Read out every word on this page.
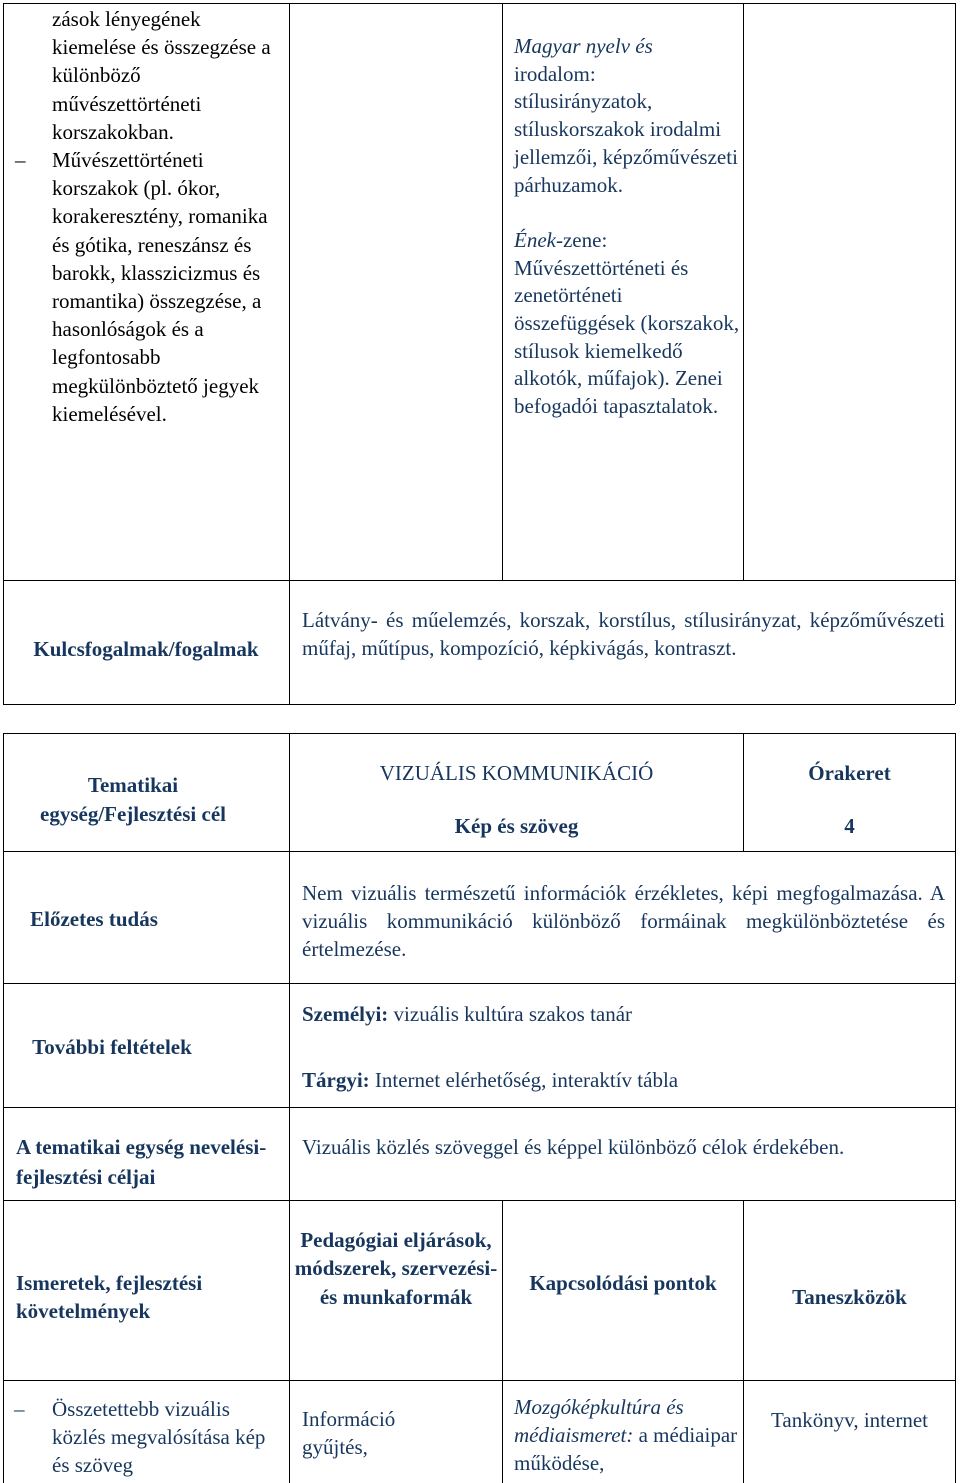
zások lényegének kiemelése és összegzése a különböző művészettörténeti korszakokban.

– Művészettörténeti korszakok (pl. ókor, korakeresztény, romanika és gótika, reneszánsz és barokk, klasszicizmus és romantika) összegzése, a hasonlóságok és a legfontosabb megkülönböztető jegyek kiemelésével.

Magyar nyelv és
irodalom:
stílusirányzatok, stíluskorszakok irodalmi jellemzői, képzőművészeti párhuzamok.

Ének-zene:
Művészettörténeti és zenetörténeti összefüggések (korszakok, stílusok kiemelkedő alkotók, műfajok). Zenei befogadói tapasztalatok.

Kulcsfogalmak/fogalmak
Látvány- és műelemzés, korszak, korstílus, stílusirányzat, képzőművészeti műfaj, műtípus, kompozíció, képkivágás, kontraszt.
Tematikai egység/Fejlesztési cél
VIZUÁLIS KOMMUNIKÁCIÓ
Kép és szöveg
Órakeret
4
Előzetes tudás
Nem vizuális természetű információk érzékletes, képi megfogalmazása. A vizuális kommunikáció különböző formáinak megkülönböztetése és értelmezése.
További feltételek
Személyi: vizuális kultúra szakos tanár
Tárgyi: Internet elérhetőség, interaktív tábla
A tematikai egység nevelési-fejlesztési céljai
Vizuális közlés szöveggel és képpel különböző célok érdekében.
Ismeretek, fejlesztési követelmények
Pedagógiai eljárások, módszerek, szervezési- és munkaformák
Kapcsolódási pontok
Taneszközök
– Összetettebb vizuális közlés megvalósítása kép és szöveg

Információ gyűjtés,
Mozgóképkultúra és médiaismeret: a médiaipar működése,
Tankönyv, internet
